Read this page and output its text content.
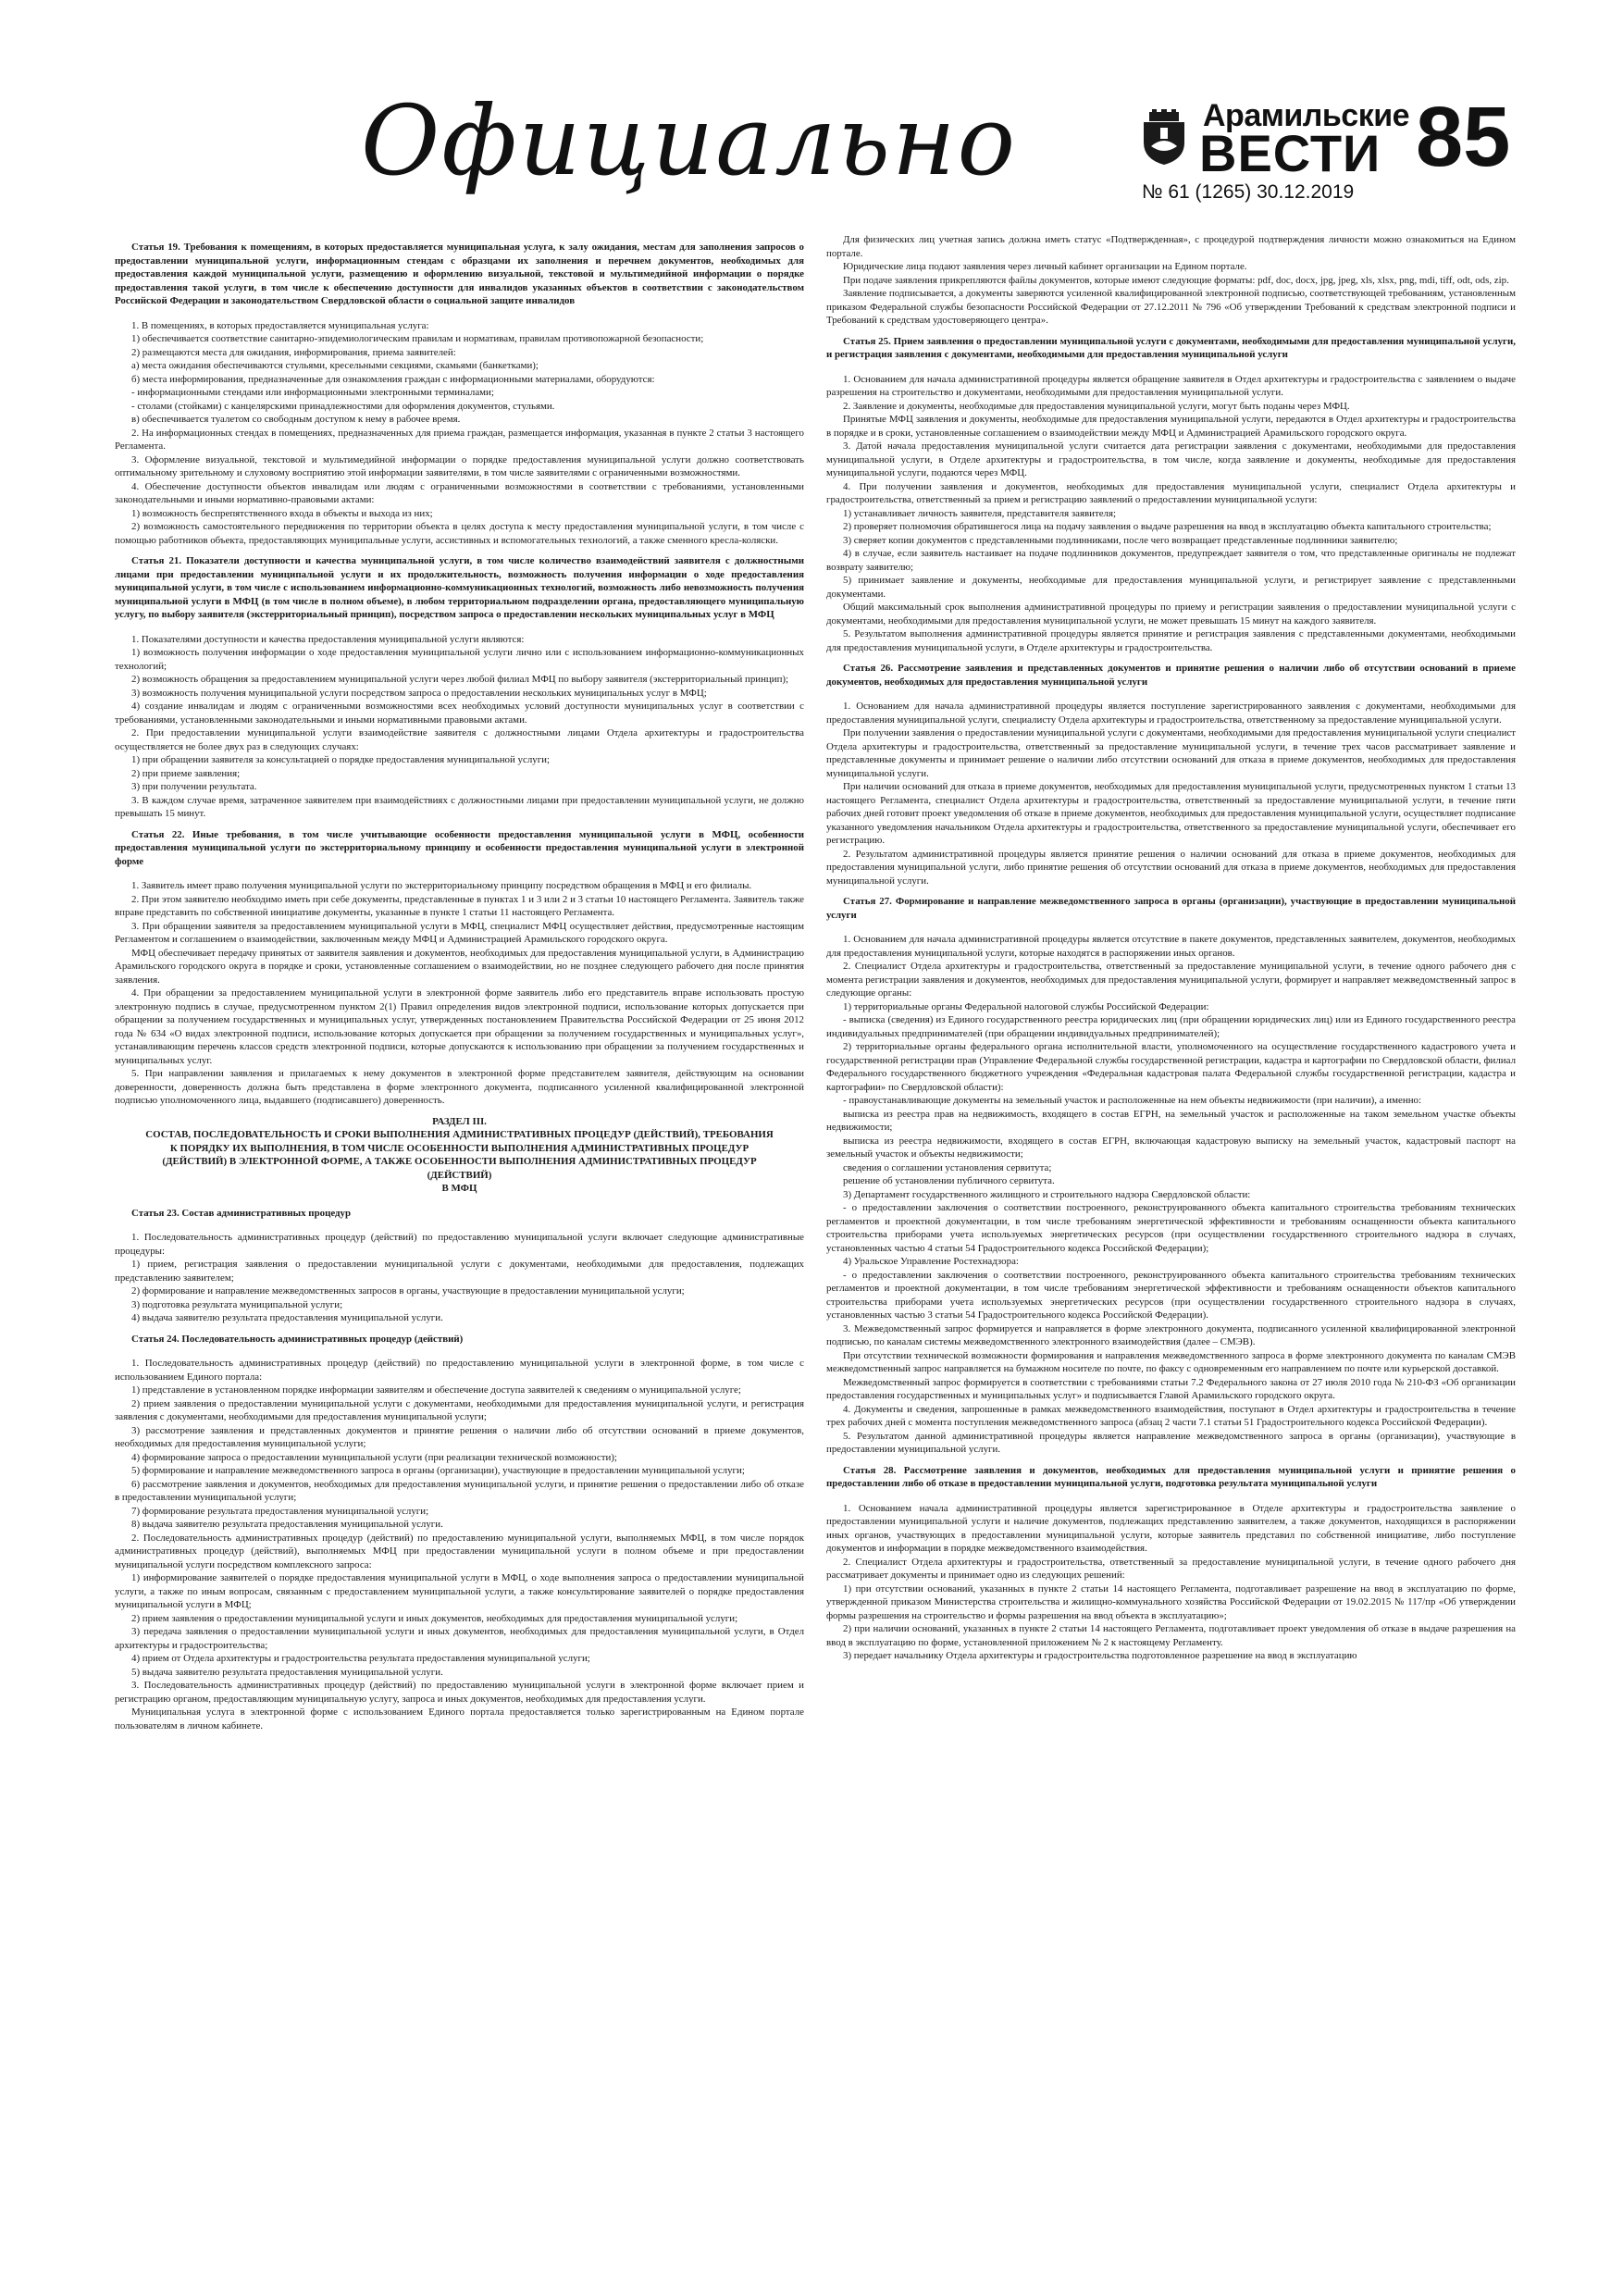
Официально	Арамильские
ВЕСТИ 85
№ 61 (1265) 30.12.2019

Статья 19. Требования к помещениям, в которых предоставляется муниципальная услуга, к залу ожидания, местам для заполнения запросов о предоставлении муниципальной услуги, информационным стендам с образцами их заполнения и перечнем документов, необходимых для предоставления каждой муниципальной услуги, размещению и оформлению визуальной, текстовой и мультимедийной информации о порядке предоставления такой услуги, в том числе к обеспечению доступности для инвалидов указанных объектов в соответствии с законодательством Российской Федерации и законодательством Свердловской области о социальной защите инвалидов

1. В помещениях, в которых предоставляется муниципальная услуга:

1) обеспечивается соответствие санитарно-эпидемиологическим правилам и нормативам, правилам противопожарной безопасности;

2) размещаются места для ожидания, информирования, приема заявителей:

а) места ожидания обеспечиваются стульями, кресельными секциями, скамьями (банкетками);

б) места информирования, предназначенные для ознакомления граждан с информационными материалами, оборудуются:

- информационными стендами или информационными электронными терминалами;

- столами (стойками) с канцелярскими принадлежностями для оформления документов, стульями.

в) обеспечивается туалетом со свободным доступом к нему в рабочее время.

2. На информационных стендах в помещениях, предназначенных для приема граждан, размещается информация, указанная в пункте 2 статьи 3 настоящего Регламента.

3. Оформление визуальной, текстовой и мультимедийной информации о порядке предоставления муниципальной услуги должно соответствовать оптимальному зрительному и слуховому восприятию этой информации заявителями, в том числе заявителями с ограниченными возможностями.

4. Обеспечение доступности объектов инвалидам или людям с ограниченными возможностями в соответствии с требованиями, установленными законодательными и иными нормативно-правовыми актами:

1) возможность беспрепятственного входа в объекты и выхода из них;

2) возможность самостоятельного передвижения по территории объекта в целях доступа к месту предоставления муниципальной услуги, в том числе с помощью работников объекта, предоставляющих муниципальные услуги, ассистивных и вспомогательных технологий, а также сменного кресла-коляски.

Статья 21. Показатели доступности и качества муниципальной услуги, в том числе количество взаимодействий заявителя с должностными лицами при предоставлении муниципальной услуги и их продолжительность, возможность получения информации о ходе предоставления муниципальной услуги, в том числе с использованием информационно-коммуникационных технологий, возможность либо невозможность получения муниципальной услуги в МФЦ (в том числе в полном объеме), в любом территориальном подразделении органа, предоставляющего муниципальную услугу, по выбору заявителя (экстерриториальный принцип), посредством запроса о предоставлении нескольких муниципальных услуг в МФЦ

1. Показателями доступности и качества предоставления муниципальной услуги являются:

1) возможность получения информации о ходе предоставления муниципальной услуги лично или с использованием информационно-коммуникационных технологий;

2) возможность обращения за предоставлением муниципальной услуги через любой филиал МФЦ по выбору заявителя (экстерриториальный принцип);

3) возможность получения муниципальной услуги посредством запроса о предоставлении нескольких муниципальных услуг в МФЦ;

4) создание инвалидам и людям с ограниченными возможностями всех необходимых условий доступности муниципальных услуг в соответствии с требованиями, установленными законодательными и иными нормативными правовыми актами.

2. При предоставлении муниципальной услуги взаимодействие заявителя с должностными лицами Отдела архитектуры и градостроительства осуществляется не более двух раз в следующих случаях:

1) при обращении заявителя за консультацией о порядке предоставления муниципальной услуги;

2) при приеме заявления;

3) при получении результата.

3. В каждом случае время, затраченное заявителем при взаимодействиях с должностными лицами при предоставлении муниципальной услуги, не должно превышать 15 минут.

Статья 22. Иные требования, в том числе учитывающие особенности предоставления муниципальной услуги в МФЦ, особенности предоставления муниципальной услуги по экстерриториальному принципу и особенности предоставления муниципальной услуги в электронной форме

1. Заявитель имеет право получения муниципальной услуги по экстерриториальному принципу посредством обращения в МФЦ и его филиалы.

2. При этом заявителю необходимо иметь при себе документы, представленные в пунктах 1 и 3 или 2 и 3 статьи 10 настоящего Регламента. Заявитель также вправе представить по собственной инициативе документы, указанные в пункте 1 статьи 11 настоящего Регламента.

3. При обращении заявителя за предоставлением муниципальной услуги в МФЦ, специалист МФЦ осуществляет действия, предусмотренные настоящим Регламентом и соглашением о взаимодействии, заключенным между МФЦ и Администрацией Арамильского городского округа.

МФЦ обеспечивает передачу принятых от заявителя заявления и документов, необходимых для предоставления муниципальной услуги, в Администрацию Арамильского городского округа в порядке и сроки, установленные соглашением о взаимодействии, но не позднее следующего рабочего дня после принятия заявления.

4. При обращении за предоставлением муниципальной услуги в электронной форме заявитель либо его представитель вправе использовать простую электронную подпись в случае, предусмотренном пунктом 2(1) Правил определения видов электронной подписи, использование которых допускается при обращении за получением государственных и муниципальных услуг, утвержденных постановлением Правительства Российской Федерации от 25 июня 2012 года № 634 «О видах электронной подписи, использование которых допускается при обращении за получением государственных и муниципальных услуг», устанавливающим перечень классов средств электронной подписи, которые допускаются к использованию при обращении за получением государственных и муниципальных услуг.

5. При направлении заявления и прилагаемых к нему документов в электронной форме представителем заявителя, действующим на основании доверенности, доверенность должна быть представлена в форме электронного документа, подписанного усиленной квалифицированной электронной подписью уполномоченного лица, выдавшего (подписавшего) доверенность.

РАЗДЕЛ III.
СОСТАВ, ПОСЛЕДОВАТЕЛЬНОСТЬ И СРОКИ ВЫПОЛНЕНИЯ АДМИНИСТРАТИВНЫХ ПРОЦЕДУР (ДЕЙСТВИЙ), ТРЕБОВАНИЯ К ПОРЯДКУ ИХ ВЫПОЛНЕНИЯ, В ТОМ ЧИСЛЕ ОСОБЕННОСТИ ВЫПОЛНЕНИЯ АДМИНИСТРАТИВНЫХ ПРОЦЕДУР (ДЕЙСТВИЙ) В ЭЛЕКТРОННОЙ ФОРМЕ, А ТАКЖЕ ОСОБЕННОСТИ ВЫПОЛНЕНИЯ АДМИНИСТРАТИВНЫХ ПРОЦЕДУР (ДЕЙСТВИЙ)
В МФЦ

Статья 23. Состав административных процедур

1. Последовательность административных процедур (действий) по предоставлению муниципальной услуги включает следующие административные процедуры:

1) прием, регистрация заявления о предоставлении муниципальной услуги с документами, необходимыми для предоставления, подлежащих представлению заявителем;

2) формирование и направление межведомственных запросов в органы, участвующие в предоставлении муниципальной услуги;

3) подготовка результата муниципальной услуги;

4) выдача заявителю результата предоставления муниципальной услуги.

Статья 24. Последовательность административных процедур (действий)

1. Последовательность административных процедур (действий) по предоставлению муниципальной услуги в электронной форме, в том числе с использованием Единого портала:

1) представление в установленном порядке информации заявителям и обеспечение доступа заявителей к сведениям о муниципальной услуге;

2) прием заявления о предоставлении муниципальной услуги с документами, необходимыми для предоставления муниципальной услуги, и регистрация заявления с документами, необходимыми для предоставления муниципальной услуги;

3) рассмотрение заявления и представленных документов и принятие решения о наличии либо об отсутствии оснований в приеме документов, необходимых для предоставления муниципальной услуги;

4) формирование запроса о предоставлении муниципальной услуги (при реализации технической возможности);

5) формирование и направление межведомственного запроса в органы (организации), участвующие в предоставлении муниципальной услуги;

6) рассмотрение заявления и документов, необходимых для предоставления муниципальной услуги, и принятие решения о предоставлении либо об отказе в предоставлении муниципальной услуги;

7) формирование результата предоставления муниципальной услуги;

8) выдача заявителю результата предоставления муниципальной услуги.

2. Последовательность административных процедур (действий) по предоставлению муниципальной услуги, выполняемых МФЦ, в том числе порядок административных процедур (действий), выполняемых МФЦ при предоставлении муниципальной услуги в полном объеме и при предоставлении муниципальной услуги посредством комплексного запроса:

1) информирование заявителей о порядке предоставления муниципальной услуги в МФЦ, о ходе выполнения запроса о предоставлении муниципальной услуги, а также по иным вопросам, связанным с предоставлением муниципальной услуги, а также консультирование заявителей о порядке предоставления муниципальной услуги в МФЦ;

2) прием заявления о предоставлении муниципальной услуги и иных документов, необходимых для предоставления муниципальной услуги;

3) передача заявления о предоставлении муниципальной услуги и иных документов, необходимых для предоставления муниципальной услуги, в Отдел архитектуры и градостроительства;

4) прием от Отдела архитектуры и градостроительства результата предоставления муниципальной услуги;

5) выдача заявителю результата предоставления муниципальной услуги.

3. Последовательность административных процедур (действий) по предоставлению муниципальной услуги в электронной форме включает прием и регистрацию органом, предоставляющим муниципальную услугу, запроса и иных документов, необходимых для предоставления услуги.

Муниципальная услуга в электронной форме с использованием Единого портала предоставляется только зарегистрированным на Едином портале пользователям в личном кабинете.

Для физических лиц учетная запись должна иметь статус «Подтвержденная», с процедурой подтверждения личности можно ознакомиться на Едином портале.

Юридические лица подают заявления через личный кабинет организации на Едином портале.

При подаче заявления прикрепляются файлы документов, которые имеют следующие форматы: pdf, doc, docx, jpg, jpeg, xls, xlsx, png, mdi, tiff, odt, ods, zip.

Заявление подписывается, а документы заверяются усиленной квалифицированной электронной подписью, соответствующей требованиям, установленным приказом Федеральной службы безопасности Российской Федерации от 27.12.2011 № 796 «Об утверждении Требований к средствам электронной подписи и Требований к средствам удостоверяющего центра».

Статья 25. Прием заявления о предоставлении муниципальной услуги с документами, необходимыми для предоставления муниципальной услуги, и регистрация заявления с документами, необходимыми для предоставления муниципальной услуги

1. Основанием для начала административной процедуры является обращение заявителя в Отдел архитектуры и градостроительства с заявлением о выдаче разрешения на строительство и документами, необходимыми для предоставления муниципальной услуги.

2. Заявление и документы, необходимые для предоставления муниципальной услуги, могут быть поданы через МФЦ.

Принятые МФЦ заявления и документы, необходимые для предоставления муниципальной услуги, передаются в Отдел архитектуры и градостроительства в порядке и в сроки, установленные соглашением о взаимодействии между МФЦ и Администрацией Арамильского городского округа.

3. Датой начала предоставления муниципальной услуги считается дата регистрации заявления с документами, необходимыми для предоставления муниципальной услуги, в Отделе архитектуры и градостроительства, в том числе, когда заявление и документы, необходимые для предоставления муниципальной услуги, подаются через МФЦ.

4. При получении заявления и документов, необходимых для предоставления муниципальной услуги, специалист Отдела архитектуры и градостроительства, ответственный за прием и регистрацию заявлений о предоставлении муниципальной услуги:

1) устанавливает личность заявителя, представителя заявителя;

2) проверяет полномочия обратившегося лица на подачу заявления о выдаче разрешения на ввод в эксплуатацию объекта капитального строительства;

3) сверяет копии документов с представленными подлинниками, после чего возвращает представленные подлинники заявителю;

4) в случае, если заявитель настаивает на подаче подлинников документов, предупреждает заявителя о том, что представленные оригиналы не подлежат возврату заявителю;

5) принимает заявление и документы, необходимые для предоставления муниципальной услуги, и регистрирует заявление с представленными документами.

Общий максимальный срок выполнения административной процедуры по приему и регистрации заявления о предоставлении муниципальной услуги с документами, необходимыми для предоставления муниципальной услуги, не может превышать 15 минут на каждого заявителя.

5. Результатом выполнения административной процедуры является принятие и регистрация заявления с представленными документами, необходимыми для предоставления муниципальной услуги, в Отделе архитектуры и градостроительства.

Статья 26. Рассмотрение заявления и представленных документов и принятие решения о наличии либо об отсутствии оснований в приеме документов, необходимых для предоставления муниципальной услуги

1. Основанием для начала административной процедуры является поступление зарегистрированного заявления с документами, необходимыми для предоставления муниципальной услуги, специалисту Отдела архитектуры и градостроительства, ответственному за предоставление муниципальной услуги.

При получении заявления о предоставлении муниципальной услуги с документами, необходимыми для предоставления муниципальной услуги специалист Отдела архитектуры и градостроительства, ответственный за предоставление муниципальной услуги, в течение трех часов рассматривает заявление и представленные документы и принимает решение о наличии либо отсутствии оснований для отказа в приеме документов, необходимых для предоставления муниципальной услуги.

При наличии оснований для отказа в приеме документов, необходимых для предоставления муниципальной услуги, предусмотренных пунктом 1 статьи 13 настоящего Регламента, специалист Отдела архитектуры и градостроительства, ответственный за предоставление муниципальной услуги, в течение пяти рабочих дней готовит проект уведомления об отказе в приеме документов, необходимых для предоставления муниципальной услуги, осуществляет подписание указанного уведомления начальником Отдела архитектуры и градостроительства, ответственного за предоставление муниципальной услуги, обеспечивает его регистрацию.

2. Результатом административной процедуры является принятие решения о наличии оснований для отказа в приеме документов, необходимых для предоставления муниципальной услуги, либо принятие решения об отсутствии оснований для отказа в приеме документов, необходимых для предоставления муниципальной услуги.

Статья 27. Формирование и направление межведомственного запроса в органы (организации), участвующие в предоставлении муниципальной услуги

1. Основанием для начала административной процедуры является отсутствие в пакете документов, представленных заявителем, документов, необходимых для предоставления муниципальной услуги, которые находятся в распоряжении иных органов.

2. Специалист Отдела архитектуры и градостроительства, ответственный за предоставление муниципальной услуги, в течение одного рабочего дня с момента регистрации заявления и документов, необходимых для предоставления муниципальной услуги, формирует и направляет межведомственный запрос в следующие органы:

1) территориальные органы Федеральной налоговой службы Российской Федерации:

- выписка (сведения) из Единого государственного реестра юридических лиц (при обращении юридических лиц) или из Единого государственного реестра индивидуальных предпринимателей (при обращении индивидуальных предпринимателей);

2) территориальные органы федерального органа исполнительной власти, уполномоченного на осуществление государственного кадастрового учета и государственной регистрации прав (Управление Федеральной службы государственной регистрации, кадастра и картографии по Свердловской области, филиал Федерального государственного бюджетного учреждения «Федеральная кадастровая палата Федеральной службы государственной регистрации, кадастра и картографии» по Свердловской области):

- правоустанавливающие документы на земельный участок и расположенные на нем объекты недвижимости (при наличии), а именно:

выписка из реестра прав на недвижимость, входящего в состав ЕГРН, на земельный участок и расположенные на таком земельном участке объекты недвижимости;

выписка из реестра недвижимости, входящего в состав ЕГРН, включающая кадастровую выписку на земельный участок, кадастровый паспорт на земельный участок и объекты недвижимости;

сведения о соглашении установления сервитута;

решение об установлении публичного сервитута.

3) Департамент государственного жилищного и строительного надзора Свердловской области:

- о предоставлении заключения о соответствии построенного, реконструированного объекта капитального строительства требованиям технических регламентов и проектной документации, в том числе требованиям энергетической эффективности и требованиям оснащенности объекта капитального строительства приборами учета используемых энергетических ресурсов (при осуществлении государственного строительного надзора в случаях, установленных частью 4 статьи 54 Градостроительного кодекса Российской Федерации);

4) Уральское Управление Ростехнадзора:

- о предоставлении заключения о соответствии построенного, реконструированного объекта капитального строительства требованиям технических регламентов и проектной документации, в том числе требованиям энергетической эффективности и требованиям оснащенности объектов капитального строительства приборами учета используемых энергетических ресурсов (при осуществлении государственного строительного надзора в случаях, установленных частью 3 статьи 54 Градостроительного кодекса Российской Федерации).

3. Межведомственный запрос формируется и направляется в форме электронного документа, подписанного усиленной квалифицированной электронной подписью, по каналам системы межведомственного электронного взаимодействия (далее – СМЭВ).

При отсутствии технической возможности формирования и направления межведомственного запроса в форме электронного документа по каналам СМЭВ межведомственный запрос направляется на бумажном носителе по почте, по факсу с одновременным его направлением по почте или курьерской доставкой.

Межведомственный запрос формируется в соответствии с требованиями статьи 7.2 Федерального закона от 27 июля 2010 года № 210-ФЗ «Об организации предоставления государственных и муниципальных услуг» и подписывается Главой Арамильского городского округа.

4. Документы и сведения, запрошенные в рамках межведомственного взаимодействия, поступают в Отдел архитектуры и градостроительства в течение трех рабочих дней с момента поступления межведомственного запроса (абзац 2 части 7.1 статьи 51 Градостроительного кодекса Российской Федерации).

5. Результатом данной административной процедуры является направление межведомственного запроса в органы (организации), участвующие в предоставлении муниципальной услуги.

Статья 28. Рассмотрение заявления и документов, необходимых для предоставления муниципальной услуги и принятие решения о предоставлении либо об отказе в предоставлении муниципальной услуги, подготовка результата муниципальной услуги

1. Основанием начала административной процедуры является зарегистрированное в Отделе архитектуры и градостроительства заявление о предоставлении муниципальной услуги и наличие документов, подлежащих представлению заявителем, а также документов, находящихся в распоряжении иных органов, участвующих в предоставлении муниципальной услуги, которые заявитель представил по собственной инициативе, либо поступление документов и информации в порядке межведомственного взаимодействия.

2. Специалист Отдела архитектуры и градостроительства, ответственный за предоставление муниципальной услуги, в течение одного рабочего дня рассматривает документы и принимает одно из следующих решений:

1) при отсутствии оснований, указанных в пункте 2 статьи 14 настоящего Регламента, подготавливает разрешение на ввод в эксплуатацию по форме, утвержденной приказом Министерства строительства и жилищно-коммунального хозяйства Российской Федерации от 19.02.2015 № 117/пр «Об утверждении формы разрешения на строительство и формы разрешения на ввод объекта в эксплуатацию»;

2) при наличии оснований, указанных в пункте 2 статьи 14 настоящего Регламента, подготавливает проект уведомления об отказе в выдаче разрешения на ввод в эксплуатацию по форме, установленной приложением № 2 к настоящему Регламенту.

3) передает начальнику Отдела архитектуры и градостроительства подготовленное разрешение на ввод в эксплуатацию
